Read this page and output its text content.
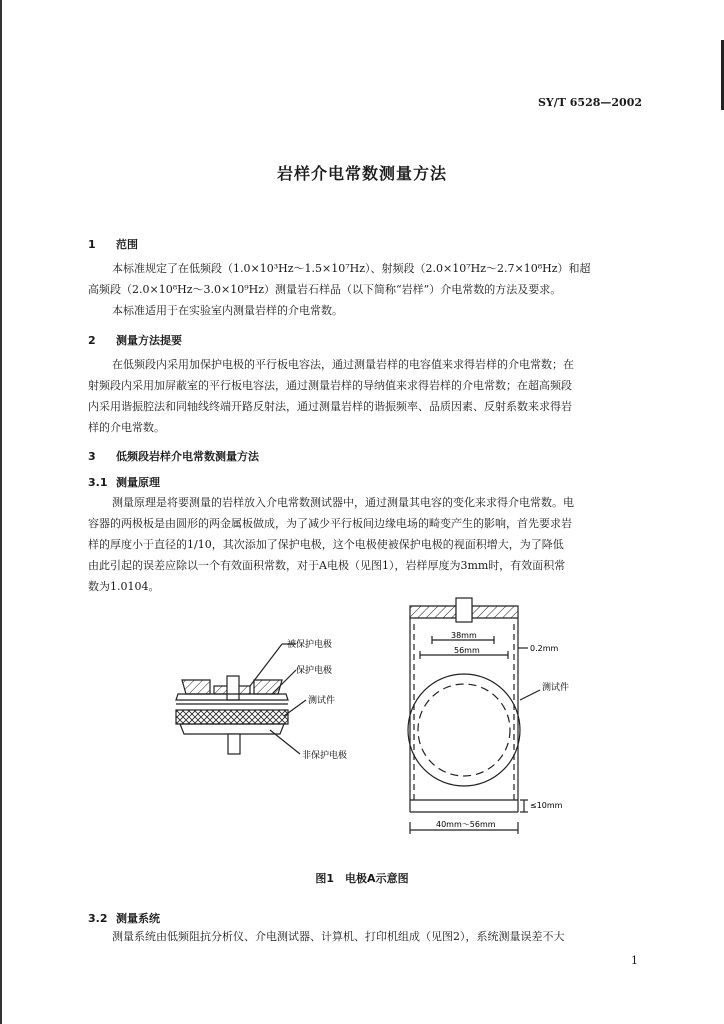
SY/T 6528—2002
岩样介电常数测量方法
1 范围
本标准规定了在低频段（1.0×10³Hz～1.5×10⁷Hz）、射频段（2.0×10⁷Hz～2.7×10⁸Hz）和超
高频段（2.0×10⁸Hz～3.0×10⁹Hz）测量岩石样品（以下简称“岩样”）介电常数的方法及要求。
本标准适用于在实验室内测量岩样的介电常数。
2 测量方法提要
在低频段内采用加保护电极的平行板电容法，通过测量岩样的电容值来求得岩样的介电常数；在
射频段内采用加屏蔽室的平行板电容法，通过测量岩样的导纳值来求得岩样的介电常数；在超高频段
内采用谐振腔法和同轴线终端开路反射法，通过测量岩样的谐振频率、品质因素、反射系数来求得岩
样的介电常数。
3 低频段岩样介电常数测量方法
3.1 测量原理
测量原理是将要测量的岩样放入介电常数测试器中，通过测量其电容的变化来求得介电常数。电
容器的两极板是由圆形的两金属板做成，为了减少平行板间边缘电场的畸变产生的影响，首先要求岩
样的厚度小于直径的1/10，其次添加了保护电极，这个电极使被保护电极的视面积增大，为了降低
由此引起的误差应除以一个有效面积常数，对于A电极（见图1），岩样厚度为3mm时，有效面积常
数为1.0104。
被保护电极
保护电极
测试件
非保护电极
38mm
56mm	0.2mm
测试件
≤10mm
40mm～56mm
图1　电极A示意图
3.2 测量系统
测量系统由低频阻抗分析仪、介电测试器、计算机、打印机组成（见图2），系统测量误差不大
1
